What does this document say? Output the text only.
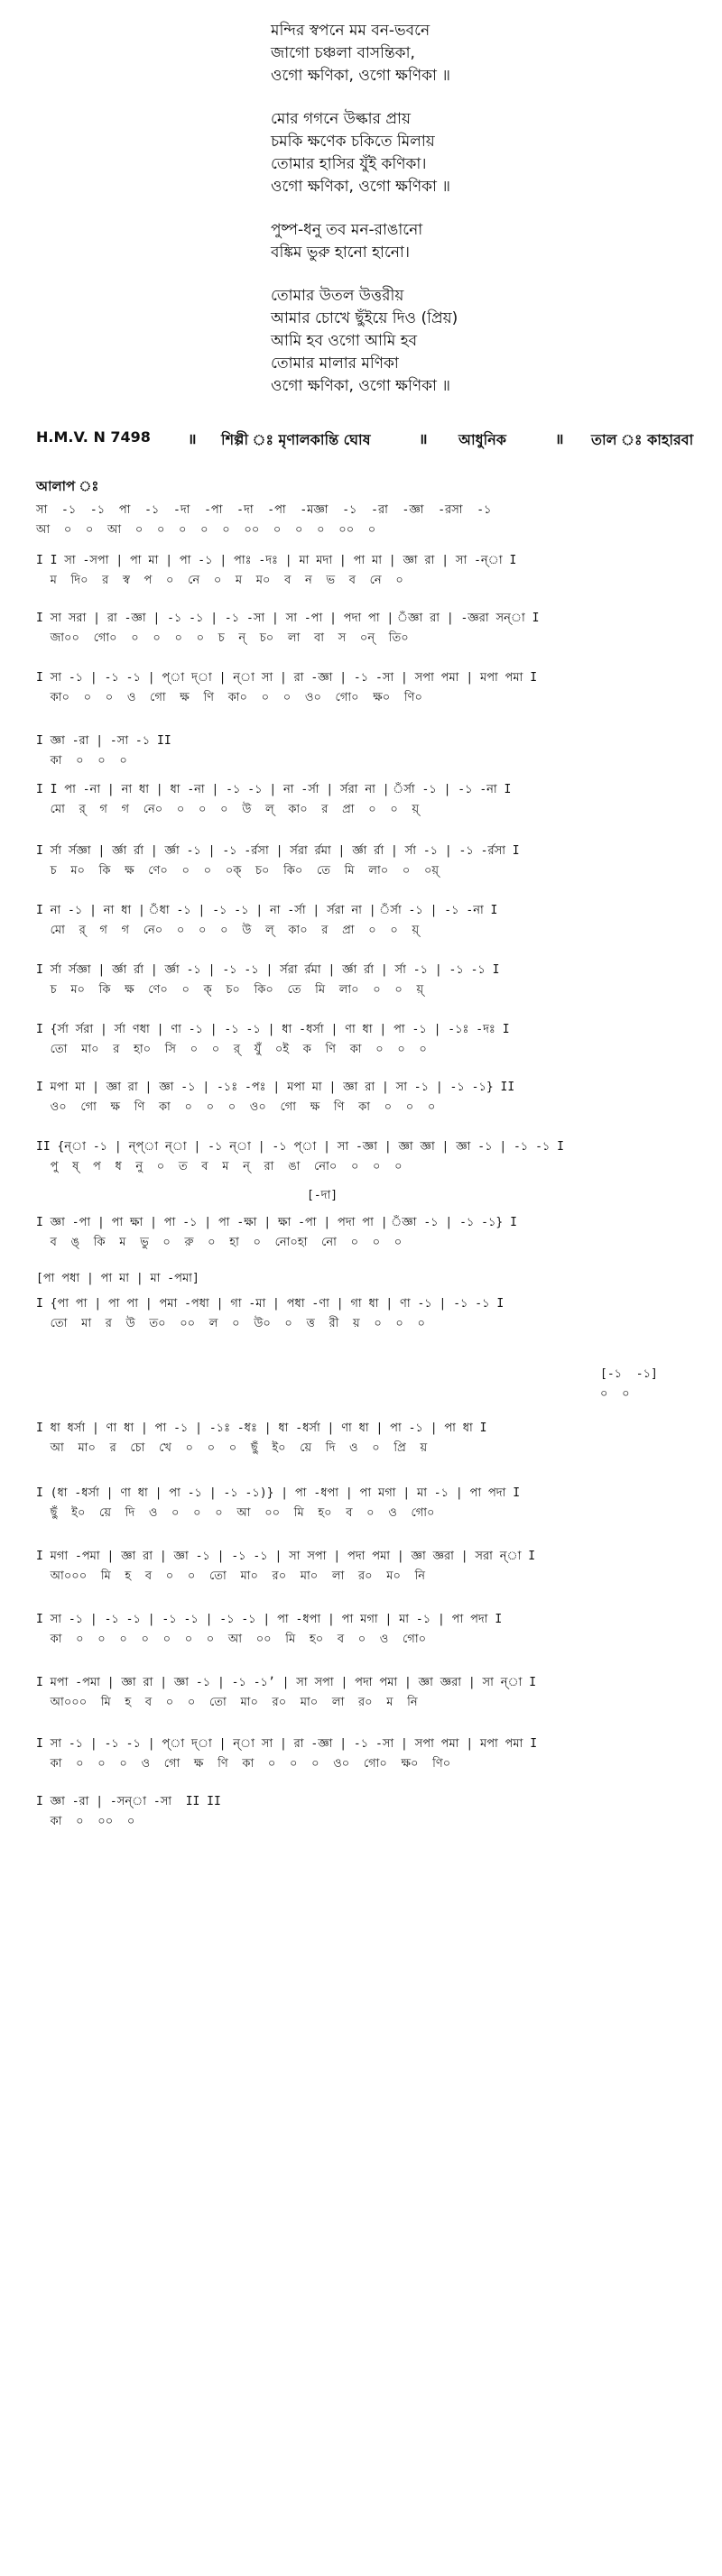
মন্দির স্বপনে মম বন-ভবনে
জাগো চঞ্চলা বাসন্তিকা,
ওগো ক্ষণিকা, ওগো ক্ষণিকা ॥
মোর গগনে উল্কার প্রায়
চমকি ক্ষণেক চকিতে মিলায়
তোমার হাসির যুঁই কণিকা।
ওগো ক্ষণিকা, ওগো ক্ষণিকা ॥
পুষ্প-ধনু তব মন-রাঙানো
বঙ্কিম ভুরু হানো হানো।
তোমার উতল উত্তরীয়
আমার চোখে ছুঁইয়ে দিও (প্রিয়)
আমি হব ওগো আমি হব
তোমার মালার মণিকা
ওগো ক্ষণিকা, ওগো ক্ষণিকা ॥
H.M.V. N 7498	॥ শিল্পী ঃ মৃণালকান্তি ঘোষ	॥ আধুনিক	॥ তাল ঃ কাহারবা
আলাপ ঃ
সা  -১  -১  পা  -১  -দা  -পা  -দা  -পা  -মজ্ঞা  -১  -রা  -জ্ঞা  -রসা  -১
আ  ০  ০  আ  ০  ০  ০  ০  ০  ০০  ০  ০  ০  ০০  ০
I I সা -সপা | পা মা | পা -১ | পাঃ -দঃ | মা মদা | পা মা | জ্ঞা রা | সা -ন্‌া I
ম  দি০  র  স্ব  প  ০  নে  ০  ম  ম০  ব  ন  ভ  ব  নে  ০
I সা সরা | রা -জ্ঞা | -১ -১ | -১ -সা | সা -পা | পদা পা | ঁজ্ঞা রা | -জ্ঞরা সন্‌া I
জা০০  গো০  ০  ০  ০  ০  চ  ন্‌  চ০  লা  বা  স  ০ন্‌  তি০
I সা -১ | -১ -১ | প্‌া দ্‌া | ন্‌া সা | রা -জ্ঞা | -১ -সা | সপা পমা | মপা পমা I
কা০  ০  ০  ও  গো  ক্ষ  ণি  কা০  ০  ০  ও০  গো০  ক্ষ০  ণি০
I জ্ঞা -রা | -সা -১ II
কা  ০  ০  ০
I I পা -না | না ধা | ধা -না | -১ -১ | না -র্সা | র্সরা না | ঁর্সা -১ | -১ -না I
মো  র্‌  গ  গ  নে০  ০  ০  ০  উ  ল্‌  কা০  র  প্রা  ০  ০  য়্‌
I র্সা র্সজ্ঞা | র্জ্ঞা র্রা | র্জ্ঞা -১ | -১ -র্রসা | র্সরা র্রমা | র্জ্ঞা র্রা | র্সা -১ | -১ -র্রসা I
চ  ম০  কি  ক্ষ  ণে০  ০  ০  ০ক্‌  চ০  কি০  তে  মি  লা০  ০  ০য়্‌
I না -১ | না ধা | ঁধা -১ | -১ -১ | না -র্সা | র্সরা না | ঁর্সা -১ | -১ -না I
মো  র্‌  গ  গ  নে০  ০  ০  ০  উ  ল্‌  কা০  র  প্রা  ০  ০  য়্‌
I র্সা র্সজ্ঞা | র্জ্ঞা র্রা | র্জ্ঞা -১ | -১ -১ | র্সরা র্রমা | র্জ্ঞা র্রা | র্সা -১ | -১ -১ I
চ  ম০  কি  ক্ষ  ণে০  ০  ক্‌  চ০  কি০  তে  মি  লা০  ০  ০  য়্‌
I {র্সা র্সরা | র্সা ণধা | ণা -১ | -১ -১ | ধা -ধর্সা | ণা ধা | পা -১ | -১ঃ -দঃ I
তো  মা০  র  হা০  সি  ০  ০  র্‌  যুঁ  ০ই  ক  ণি  কা  ০  ০  ০
I মপা মা | জ্ঞা রা | জ্ঞা -১ | -১ঃ -পঃ | মপা মা | জ্ঞা রা | সা -১ | -১ -১} II
ও০  গো  ক্ষ  ণি  কা  ০  ০  ০  ও০  গো  ক্ষ  ণি  কা  ০  ০  ০
II {ন্‌া -১ | ন্‌প্‌া ন্‌া | -১ ন্‌া | -১ প্‌া | সা -জ্ঞা | জ্ঞা জ্ঞা | জ্ঞা -১ | -১ -১ I
পু  ষ্‌  প  ধ  নু  ০  ত  ব  ম  ন্‌  রা  ঙা  নো০  ০  ০  ০
[-দা]
I জ্ঞা -পা | পা ক্ষা | পা -১ | পা -ক্ষা | ক্ষা -পা | পদা পা | ঁজ্ঞা -১ | -১ -১} I
ব  ঙ্‌  কি  ম  ভু  ০  রু  ০  হা  ০  নো০হা  নো  ০  ০  ০
[পা পধা | পা মা | মা -পমা]
I {পা পা | পা পা | পমা -পধা | গা -মা | পধা -ণা | গা ধা | ণা -১ | -১ -১ I
তো  মা  র  উ  ত০  ০০  ল  ০  উ০  ০  ত্ত  রী  য়  ০  ০  ০
[-১  -১]
০  ০
I ধা ধর্সা | ণা ধা | পা -১ | -১ঃ -ধঃ | ধা -ধর্সা | ণা ধা | পা -১ | পা ধা I
আ  মা০  র  চো  খে  ০  ০  ০  ছুঁ  ই০  য়ে  দি  ও  ০  প্রি  য়
I (ধা -ধর্সা | ণা ধা | পা -১ | -১ -১)} | পা -ধপা | পা মগা | মা -১ | পা পদা I
ছুঁ  ই০  য়ে  দি  ও  ০  ০  ০  আ  ০০  মি  হ০  ব  ০  ও  গো০
I মগা -পমা | জ্ঞা রা | জ্ঞা -১ | -১ -১ | সা সপা | পদা পমা | জ্ঞা জ্ঞরা | সরা ন্‌া I
আ০০০  মি  হ  ব  ০  ০  তো  মা০  র০  মা০  লা  র০  ম০  নি
I সা -১ | -১ -১ | -১ -১ | -১ -১ | পা -ধপা | পা মগা | মা -১ | পা পদা I
কা  ০  ০  ০  ০  ০  ০  ০  আ  ০০  মি  হ০  ব  ০  ও  গো০
I মপা -পমা | জ্ঞা রা | জ্ঞা -১ | -১ -১ʼ | সা সপা | পদা পমা | জ্ঞা জ্ঞরা | সা ন্‌া I
আ০০০  মি  হ  ব  ০  ০  তো  মা০  র০  মা০  লা  র০  ম  নি
I সা -১ | -১ -১ | প্‌া দ্‌া | ন্‌া সা | রা -জ্ঞা | -১ -সা | সপা পমা | মপা পমা I
কা  ০  ০  ০  ও  গো  ক্ষ  ণি  কা  ০  ০  ০  ও০  গো০  ক্ষ০  ণি০
I জ্ঞা -রা | -সন্‌া -সা  II II
কা  ০  ০০  ০
